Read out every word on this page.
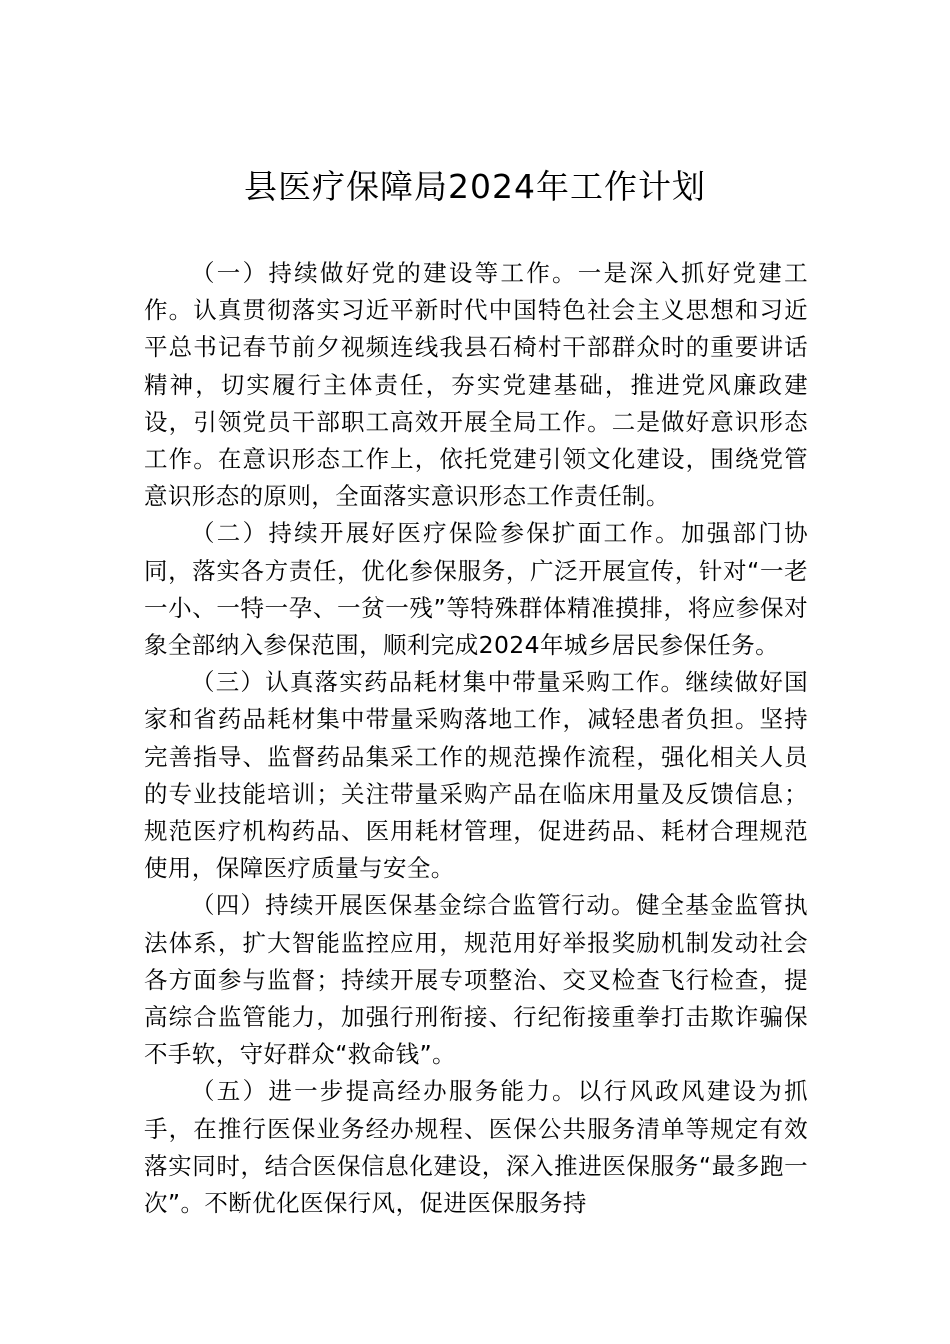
县医疗保障局2024年工作计划

（一）持续做好党的建设等工作。一是深入抓好党建工作。认真贯彻落实习近平新时代中国特色社会主义思想和习近平总书记春节前夕视频连线我县石椅村干部群众时的重要讲话精神，切实履行主体责任，夯实党建基础，推进党风廉政建设，引领党员干部职工高效开展全局工作。二是做好意识形态工作。在意识形态工作上，依托党建引领文化建设，围绕党管意识形态的原则，全面落实意识形态工作责任制。

（二）持续开展好医疗保险参保扩面工作。加强部门协同，落实各方责任，优化参保服务，广泛开展宣传，针对“一老一小、一特一孕、一贫一残”等特殊群体精准摸排，将应参保对象全部纳入参保范围，顺利完成2024年城乡居民参保任务。

（三）认真落实药品耗材集中带量采购工作。继续做好国家和省药品耗材集中带量采购落地工作，减轻患者负担。坚持完善指导、监督药品集采工作的规范操作流程，强化相关人员的专业技能培训；关注带量采购产品在临床用量及反馈信息；规范医疗机构药品、医用耗材管理，促进药品、耗材合理规范使用，保障医疗质量与安全。

（四）持续开展医保基金综合监管行动。健全基金监管执法体系，扩大智能监控应用，规范用好举报奖励机制发动社会各方面参与监督；持续开展专项整治、交叉检查飞行检查，提高综合监管能力，加强行刑衔接、行纪衔接重拳打击欺诈骗保不手软，守好群众“救命钱”。

（五）进一步提高经办服务能力。以行风政风建设为抓手，在推行医保业务经办规程、医保公共服务清单等规定有效落实同时，结合医保信息化建设，深入推进医保服务“最多跑一次”。不断优化医保行风，促进医保服务持
